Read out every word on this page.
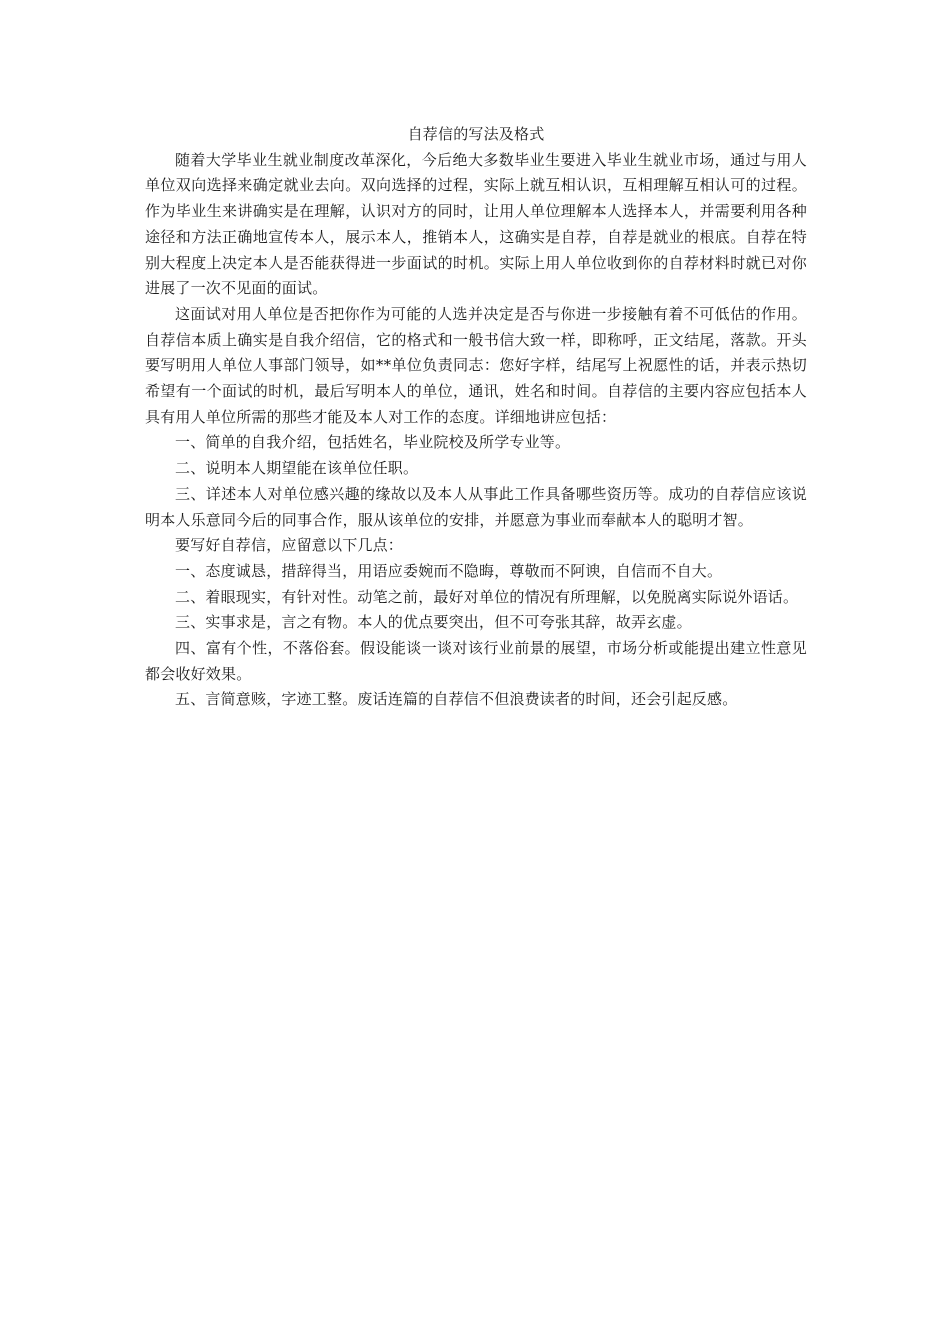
自荐信的写法及格式

随着大学毕业生就业制度改革深化，今后绝大多数毕业生要进入毕业生就业市场，通过与用人单位双向选择来确定就业去向。双向选择的过程，实际上就互相认识，互相理解互相认可的过程。作为毕业生来讲确实是在理解，认识对方的同时，让用人单位理解本人选择本人，并需要利用各种途径和方法正确地宣传本人，展示本人，推销本人，这确实是自荐，自荐是就业的根底。自荐在特别大程度上决定本人是否能获得进一步面试的时机。实际上用人单位收到你的自荐材料时就已对你进展了一次不见面的面试。

这面试对用人单位是否把你作为可能的人选并决定是否与你进一步接触有着不可低估的作用。自荐信本质上确实是自我介绍信，它的格式和一般书信大致一样，即称呼，正文结尾，落款。开头要写明用人单位人事部门领导，如**单位负责同志：您好字样，结尾写上祝愿性的话，并表示热切希望有一个面试的时机，最后写明本人的单位，通讯，姓名和时间。自荐信的主要内容应包括本人具有用人单位所需的那些才能及本人对工作的态度。详细地讲应包括：

一、简单的自我介绍，包括姓名，毕业院校及所学专业等。

二、说明本人期望能在该单位任职。

三、详述本人对单位感兴趣的缘故以及本人从事此工作具备哪些资历等。成功的自荐信应该说明本人乐意同今后的同事合作，服从该单位的安排，并愿意为事业而奉献本人的聪明才智。

要写好自荐信，应留意以下几点：

一、态度诚恳，措辞得当，用语应委婉而不隐晦，尊敬而不阿谀，自信而不自大。

二、着眼现实，有针对性。动笔之前，最好对单位的情况有所理解，以免脱离实际说外语话。

三、实事求是，言之有物。本人的优点要突出，但不可夸张其辞，故弄玄虚。

四、富有个性，不落俗套。假设能谈一谈对该行业前景的展望，市场分析或能提出建立性意见都会收好效果。

五、言简意赅，字迹工整。废话连篇的自荐信不但浪费读者的时间，还会引起反感。
